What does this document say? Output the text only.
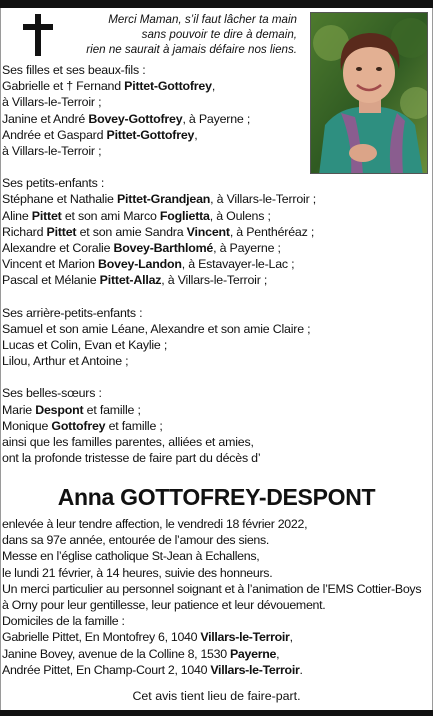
Merci Maman, s’il faut lâcher ta main
sans pouvoir te dire à demain,
rien ne saurait à jamais défaire nos liens.

Ses filles et ses beaux-fils :

Gabrielle et † Fernand Pittet-Gottofrey,

à Villars-le-Terroir ;

Janine et André Bovey-Gottofrey, à Payerne ;

Andrée et Gaspard Pittet-Gottofrey,

à Villars-le-Terroir ;

Ses petits-enfants :

Stéphane et Nathalie Pittet-Grandjean, à Villars-le-Terroir ;

Aline Pittet et son ami Marco Foglietta, à Oulens ;

Richard Pittet et son amie Sandra Vincent, à Penthéréaz ;

Alexandre et Coralie Bovey-Barthlomé, à Payerne ;

Vincent et Marion Bovey-Landon, à Estavayer-le-Lac ;

Pascal et Mélanie Pittet-Allaz, à Villars-le-Terroir ;

Ses arrière-petits-enfants :

Samuel et son amie Léane, Alexandre et son amie Claire ;

Lucas et Colin, Evan et Kaylie ;

Lilou, Arthur et Antoine ;

Ses belles-sœurs :

Marie Despont et famille ;

Monique Gottofrey et famille ;

ainsi que les familles parentes, alliées et amies,

ont la profonde tristesse de faire part du décès d’

Anna GOTTOFREY-DESPONT

enlevée à leur tendre affection, le vendredi 18 février 2022,

dans sa 97e année, entourée de l’amour des siens.

Messe en l’église catholique St-Jean à Echallens,

le lundi 21 février, à 14 heures, suivie des honneurs.

Un merci particulier au personnel soignant et à l’animation de l’EMS Cottier-Boys

à Orny pour leur gentillesse, leur patience et leur dévouement.

Domiciles de la famille :

Gabrielle Pittet, En Montofrey 6, 1040 Villars-le-Terroir,

Janine Bovey, avenue de la Colline 8, 1530 Payerne,

Andrée Pittet, En Champ-Court 2, 1040 Villars-le-Terroir.

Cet avis tient lieu de faire-part.
